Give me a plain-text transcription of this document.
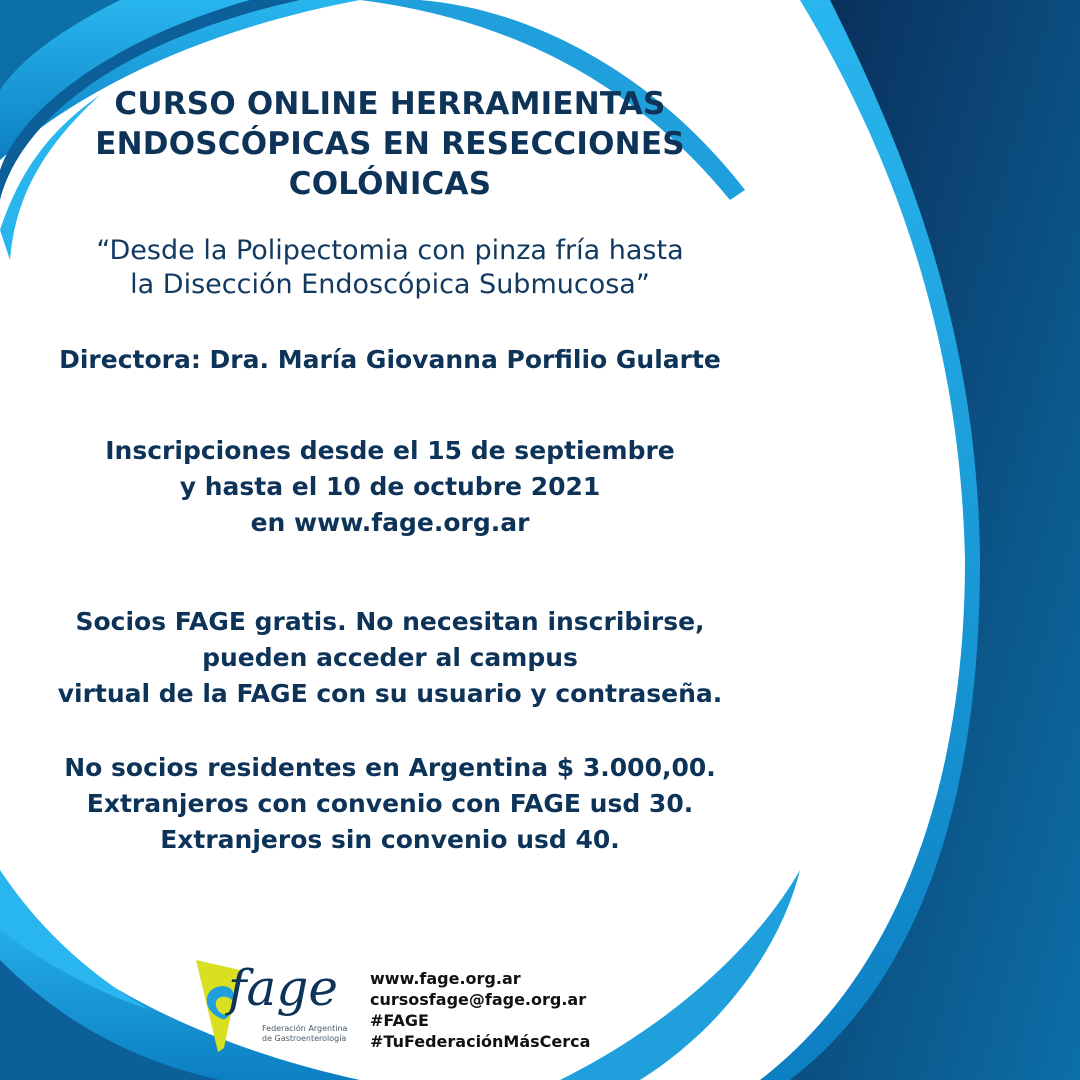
CURSO ONLINE HERRAMIENTAS
ENDOSCÓPICAS EN RESECCIONES
COLÓNICAS
“Desde la Polipectomia con pinza fría hasta
la Disección Endoscópica Submucosa”
Directora: Dra. María Giovanna Porfilio Gularte
Inscripciones desde el 15 de septiembre
y hasta el 10 de octubre 2021
en www.fage.org.ar
Socios FAGE gratis. No necesitan inscribirse,
pueden acceder al campus
virtual de la FAGE con su usuario y contraseña.
No socios residentes en Argentina $ 3.000,00.
Extranjeros con convenio con FAGE usd 30.
Extranjeros sin convenio usd 40.
fage
Federación Argentina
de Gastroenterología
www.fage.org.ar
cursosfage@fage.org.ar
#FAGE
#TuFederaciónMásCerca
